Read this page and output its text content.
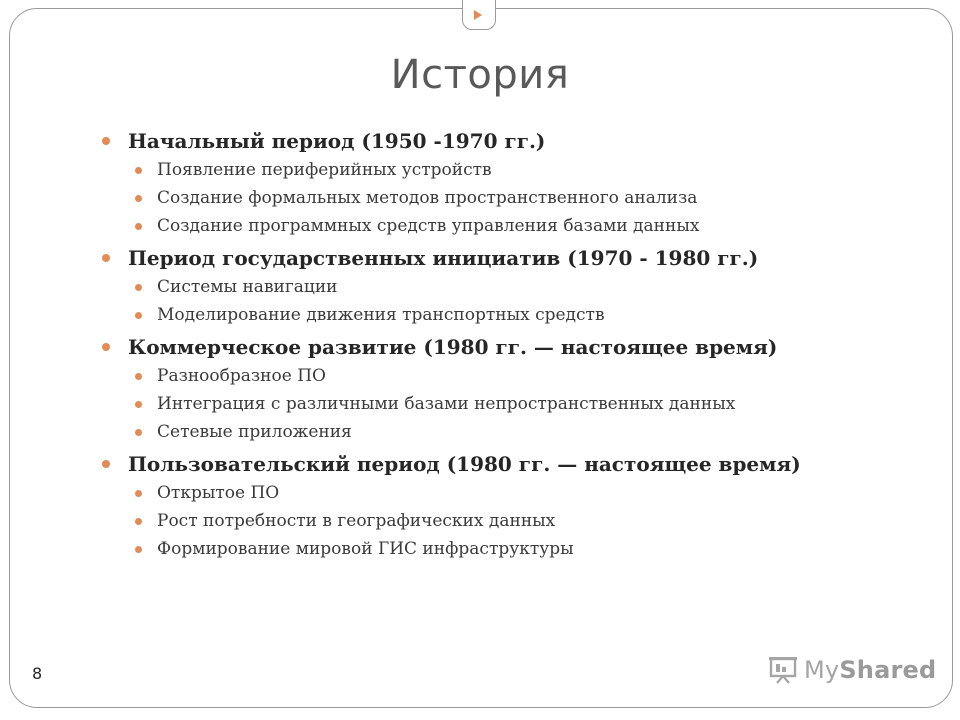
История
Начальный период (1950 -1970 гг.)
Появление периферийных устройств
Создание формальных методов пространственного анализа
Создание программных средств управления базами данных
Период государственных инициатив (1970 - 1980 гг.)
Системы навигации
Моделирование движения транспортных средств
Коммерческое развитие (1980 гг. — настоящее время)
Разнообразное ПО
Интеграция с различными базами непространственных данных
Сетевые приложения
Пользовательский период (1980 гг. — настоящее время)
Открытое ПО
Рост потребности в географических данных
Формирование мировой ГИС инфраструктуры
8	MyShared
